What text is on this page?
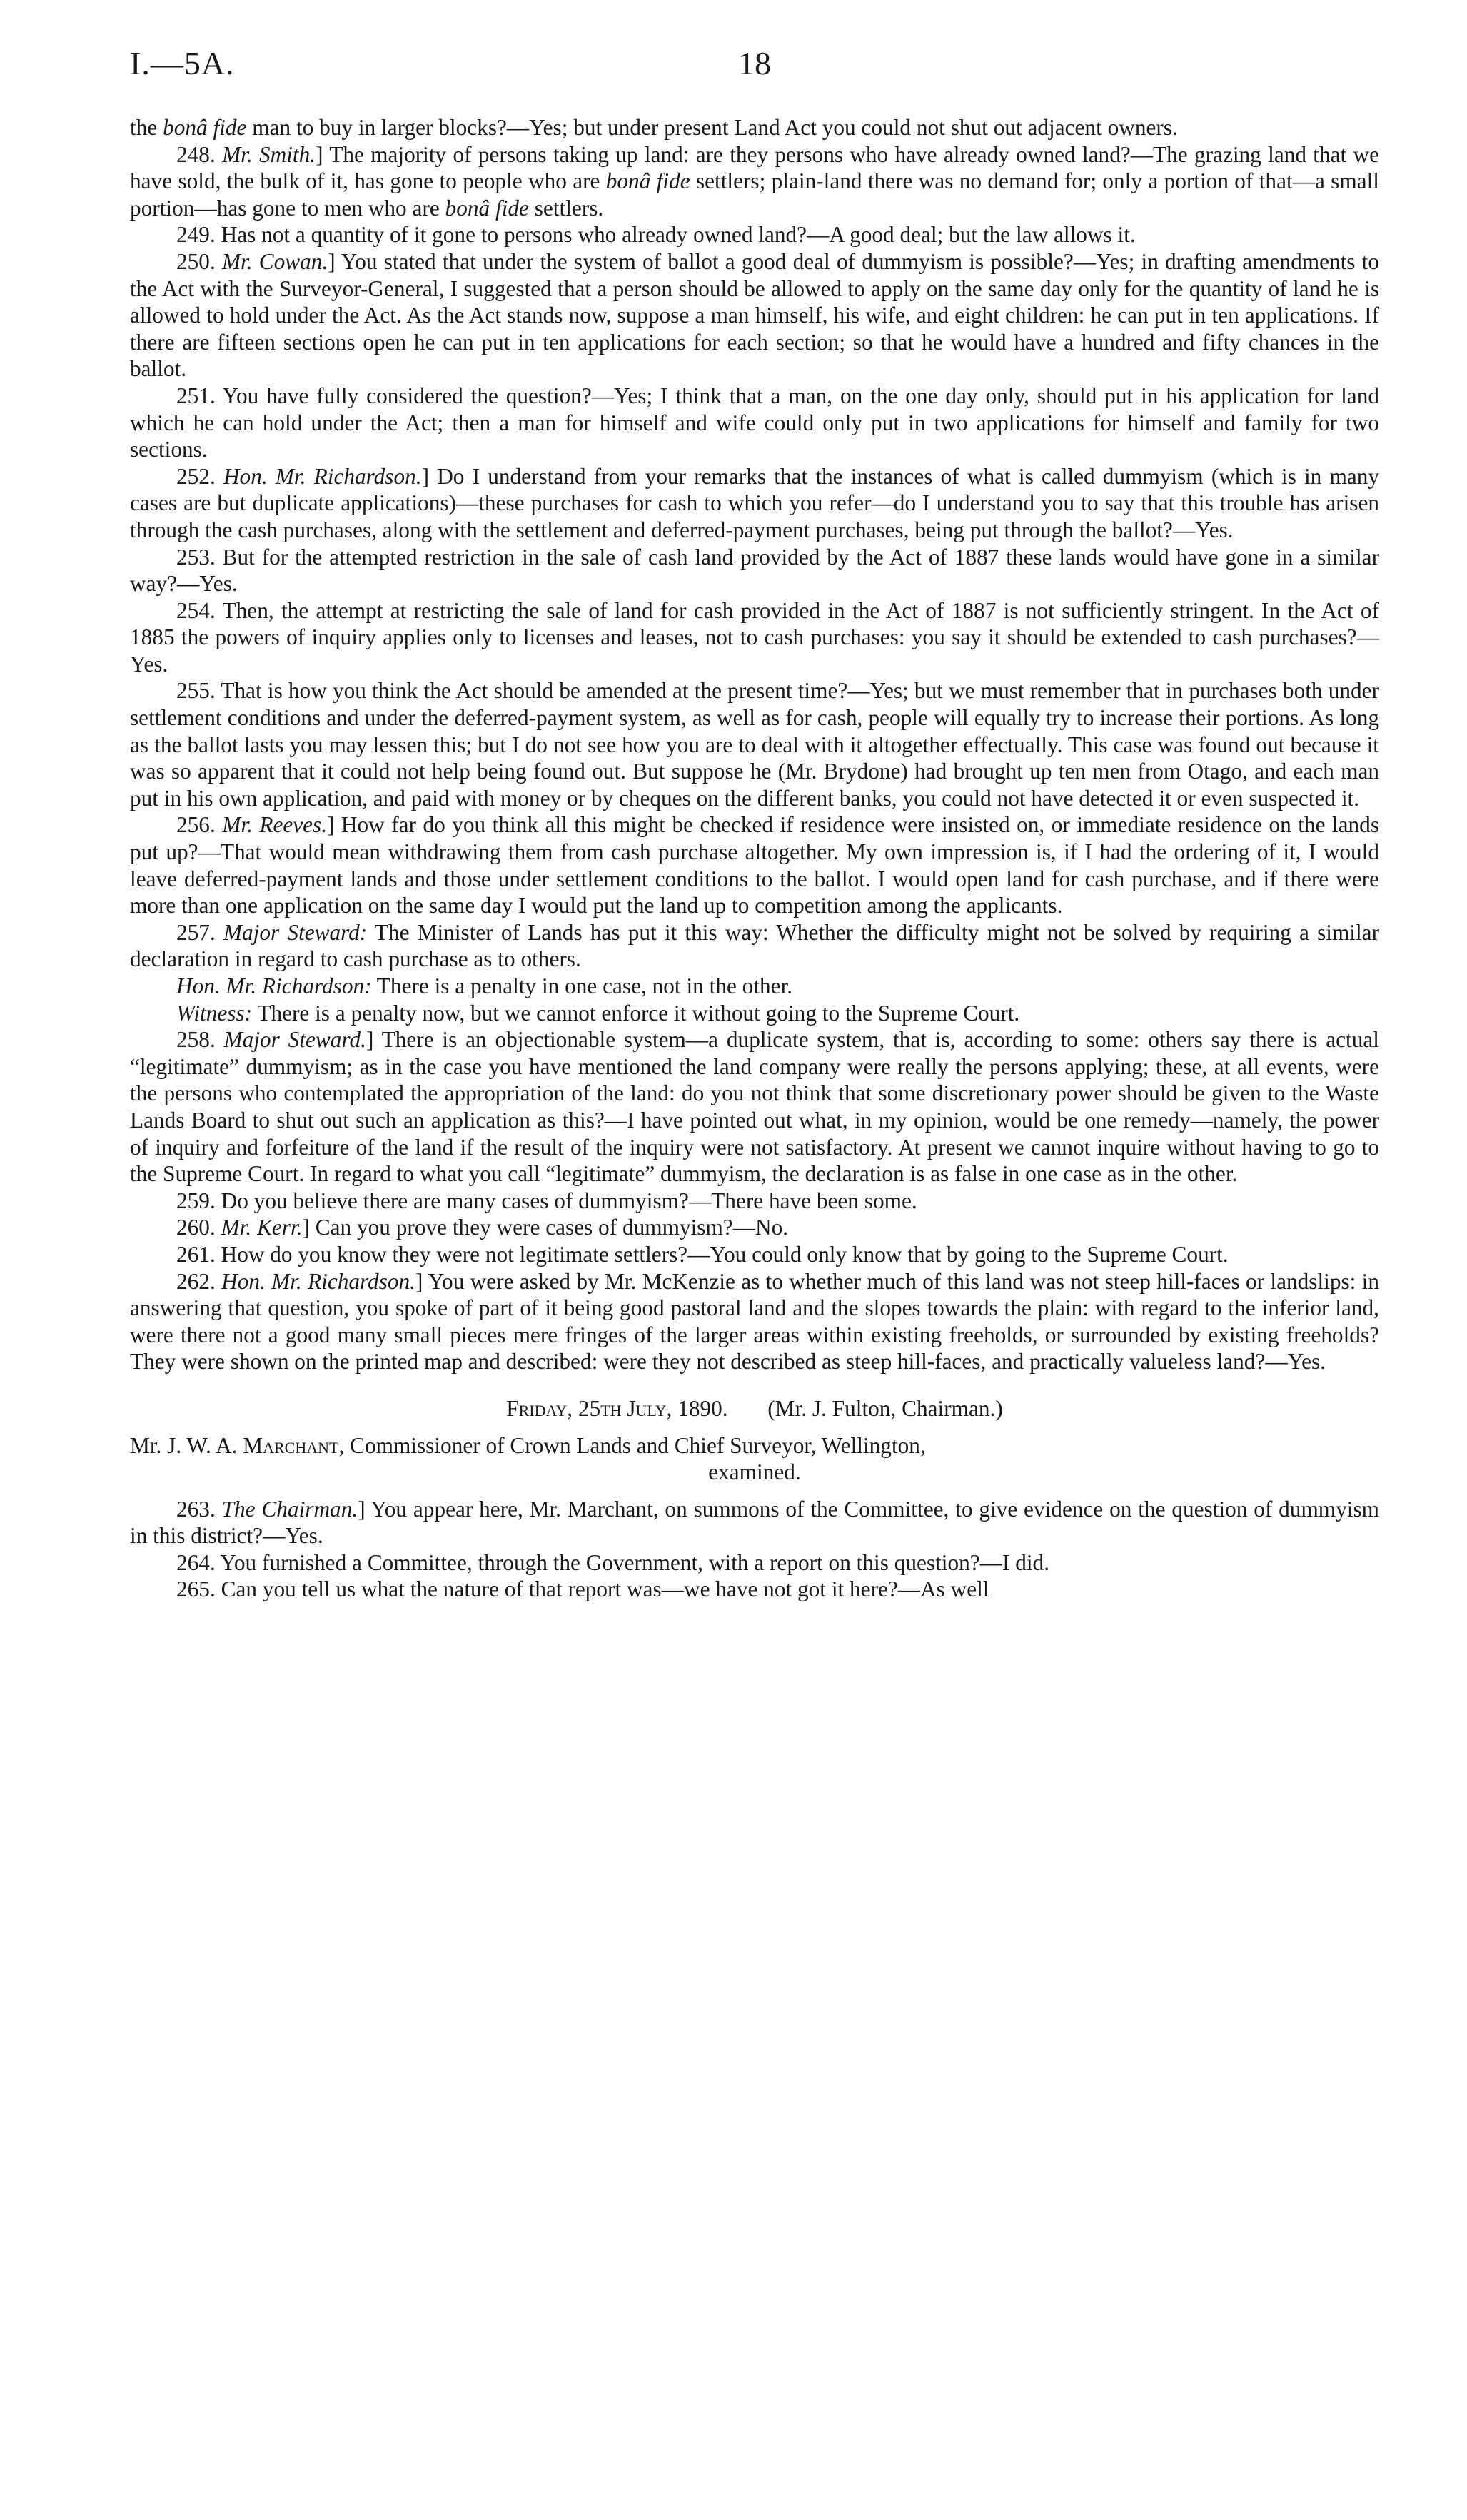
18
I.—5A.

the bonâ fide man to buy in larger blocks?—Yes; but under present Land Act you could not shut out adjacent owners.

248. Mr. Smith.] The majority of persons taking up land: are they persons who have already owned land?—The grazing land that we have sold, the bulk of it, has gone to people who are bonâ fide settlers; plain-land there was no demand for; only a portion of that—a small portion—has gone to men who are bonâ fide settlers.

249. Has not a quantity of it gone to persons who already owned land?—A good deal; but the law allows it.

250. Mr. Cowan.] You stated that under the system of ballot a good deal of dummyism is possible?—Yes; in drafting amendments to the Act with the Surveyor-General, I suggested that a person should be allowed to apply on the same day only for the quantity of land he is allowed to hold under the Act. As the Act stands now, suppose a man himself, his wife, and eight children: he can put in ten applications. If there are fifteen sections open he can put in ten applications for each section; so that he would have a hundred and fifty chances in the ballot.

251. You have fully considered the question?—Yes; I think that a man, on the one day only, should put in his application for land which he can hold under the Act; then a man for himself and wife could only put in two applications for himself and family for two sections.

252. Hon. Mr. Richardson.] Do I understand from your remarks that the instances of what is called dummyism (which is in many cases are but duplicate applications)—these purchases for cash to which you refer—do I understand you to say that this trouble has arisen through the cash purchases, along with the settlement and deferred-payment purchases, being put through the ballot?—Yes.

253. But for the attempted restriction in the sale of cash land provided by the Act of 1887 these lands would have gone in a similar way?—Yes.

254. Then, the attempt at restricting the sale of land for cash provided in the Act of 1887 is not sufficiently stringent. In the Act of 1885 the powers of inquiry applies only to licenses and leases, not to cash purchases: you say it should be extended to cash purchases?—Yes.

255. That is how you think the Act should be amended at the present time?—Yes; but we must remember that in purchases both under settlement conditions and under the deferred-payment system, as well as for cash, people will equally try to increase their portions. As long as the ballot lasts you may lessen this; but I do not see how you are to deal with it altogether effectually. This case was found out because it was so apparent that it could not help being found out. But suppose he (Mr. Brydone) had brought up ten men from Otago, and each man put in his own application, and paid with money or by cheques on the different banks, you could not have detected it or even suspected it.

256. Mr. Reeves.] How far do you think all this might be checked if residence were insisted on, or immediate residence on the lands put up?—That would mean withdrawing them from cash purchase altogether. My own impression is, if I had the ordering of it, I would leave deferred-payment lands and those under settlement conditions to the ballot. I would open land for cash purchase, and if there were more than one application on the same day I would put the land up to competition among the applicants.

257. Major Steward: The Minister of Lands has put it this way: Whether the difficulty might not be solved by requiring a similar declaration in regard to cash purchase as to others.

Hon. Mr. Richardson: There is a penalty in one case, not in the other.

Witness: There is a penalty now, but we cannot enforce it without going to the Supreme Court.

258. Major Steward.] There is an objectionable system—a duplicate system, that is, according to some: others say there is actual “legitimate” dummyism; as in the case you have mentioned the land company were really the persons applying; these, at all events, were the persons who contemplated the appropriation of the land: do you not think that some discretionary power should be given to the Waste Lands Board to shut out such an application as this?—I have pointed out what, in my opinion, would be one remedy—namely, the power of inquiry and forfeiture of the land if the result of the inquiry were not satisfactory. At present we cannot inquire without having to go to the Supreme Court. In regard to what you call “legitimate” dummyism, the declaration is as false in one case as in the other.

259. Do you believe there are many cases of dummyism?—There have been some.

260. Mr. Kerr.] Can you prove they were cases of dummyism?—No.

261. How do you know they were not legitimate settlers?—You could only know that by going to the Supreme Court.

262. Hon. Mr. Richardson.] You were asked by Mr. McKenzie as to whether much of this land was not steep hill-faces or landslips: in answering that question, you spoke of part of it being good pastoral land and the slopes towards the plain: with regard to the inferior land, were there not a good many small pieces mere fringes of the larger areas within existing freeholds, or surrounded by existing freeholds? They were shown on the printed map and described: were they not described as steep hill-faces, and practically valueless land?—Yes.

Friday, 25th July, 1890. (Mr. J. Fulton, Chairman.)

Mr. J. W. A. Marchant, Commissioner of Crown Lands and Chief Surveyor, Wellington,

examined.

263. The Chairman.] You appear here, Mr. Marchant, on summons of the Committee, to give evidence on the question of dummyism in this district?—Yes.

264. You furnished a Committee, through the Government, with a report on this question?—I did.

265. Can you tell us what the nature of that report was—we have not got it here?—As well
